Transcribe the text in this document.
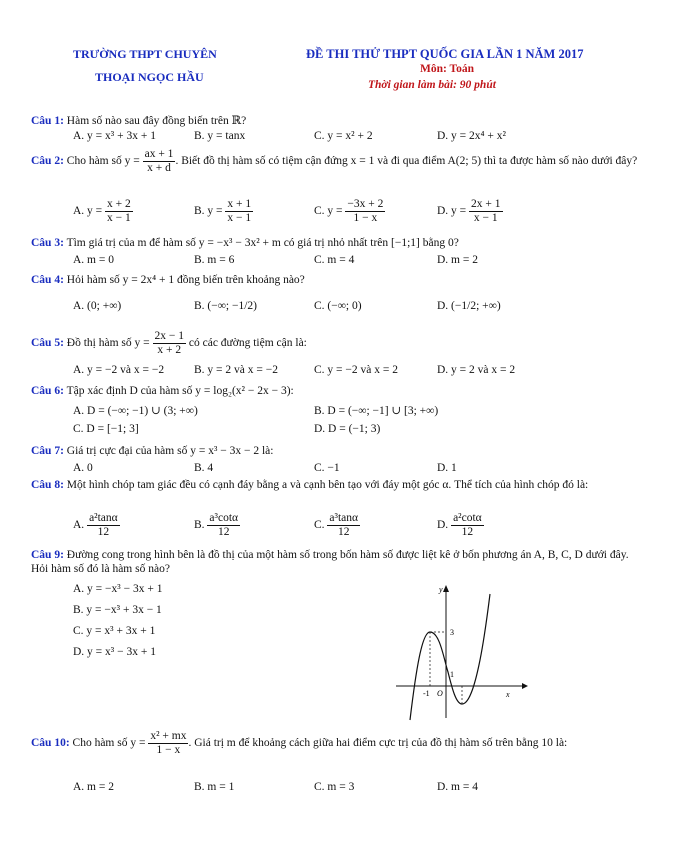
TRƯỜNG THPT CHUYÊN
THOẠI NGỌC HẦU
ĐỀ THI THỬ THPT QUỐC GIA LẦN 1 NĂM 2017
Môn: Toán
Thời gian làm bài: 90 phút
Câu 1: Hàm số nào sau đây đồng biến trên ℝ?
A. y = x³ + 3x + 1	B. y = tanx	C. y = x² + 2	D. y = 2x⁴ + x²
Câu 2: Cho hàm số $y = \frac{ax + 1}{x + d}$ . Biết đồ thị hàm số có tiệm cận đứng x = 1 và đi qua điểm A(2; 5) thì ta được hàm số nào dưới đây?
A. $y = \frac{x + 2}{x - 1}$	B. $y = \frac{x + 1}{x - 1}$	C. $y = \frac{-3x + 2}{1 - x}$	D. $y = \frac{2x + 1}{x - 1}$
Câu 3: Tìm giá trị của m để hàm số y = −x³ − 3x² + m có giá trị nhỏ nhất trên [−1;1] bằng 0?
A. m = 0	B. m = 6	C. m = 4	D. m = 2
Câu 4: Hỏi hàm số y = 2x⁴ + 1 đồng biến trên khoảng nào?
A. (0; +∞)	B. (−∞; −1/2)	C. (−∞; 0)	D. (−1/2; +∞)
Câu 5: Đồ thị hàm số $y = \frac{2x - 1}{x + 2}$ có các đường tiệm cận là:
A. y = −2 và x = −2	B. y = 2 và x = −2	C. y = −2 và x = 2	D. y = 2 và x = 2
Câu 6: Tập xác định D của hàm số y = log₂(x² − 2x − 3):
A. D = (−∞; −1) ∪ (3; +∞)	B. D = (−∞; −1] ∪ [3; +∞)
C. D = [−1; 3]	D. D = (−1; 3)
Câu 7: Giá trị cực đại của hàm số y = x³ − 3x − 2 là:
A. 0	B. 4	C. −1	D. 1
Câu 8: Một hình chóp tam giác đều có cạnh đáy bằng a và cạnh bên tạo với đáy một góc α. Thể tích của hình chóp đó là:
A. $\frac{\text{a²tanα}}{12}$	B. $\frac{\text{a³cotα}}{12}$	C. $\frac{\text{a³tanα}}{12}$	D. $\frac{\text{a²cotα}}{12}$
Câu 9: Đường cong trong hình bên là đồ thị của một hàm số trong bốn hàm số được liệt kê ở bốn phương án A, B, C, D dưới đây. Hỏi hàm số đó là hàm số nào?
A. y = −x³ − 3x + 1
B. y = −x³ + 3x − 1
C. y = x³ + 3x + 1
D. y = x³ − 3x + 1
y
x
O
-1
3
1
Câu 10: Cho hàm số $y = \frac{\text{x² + mx}}{1 - x}$ . Giá trị m để khoảng cách giữa hai điểm cực trị của đồ thị hàm số trên bằng 10 là:
A. m = 2	B. m = 1	C. m = 3	D. m = 4
